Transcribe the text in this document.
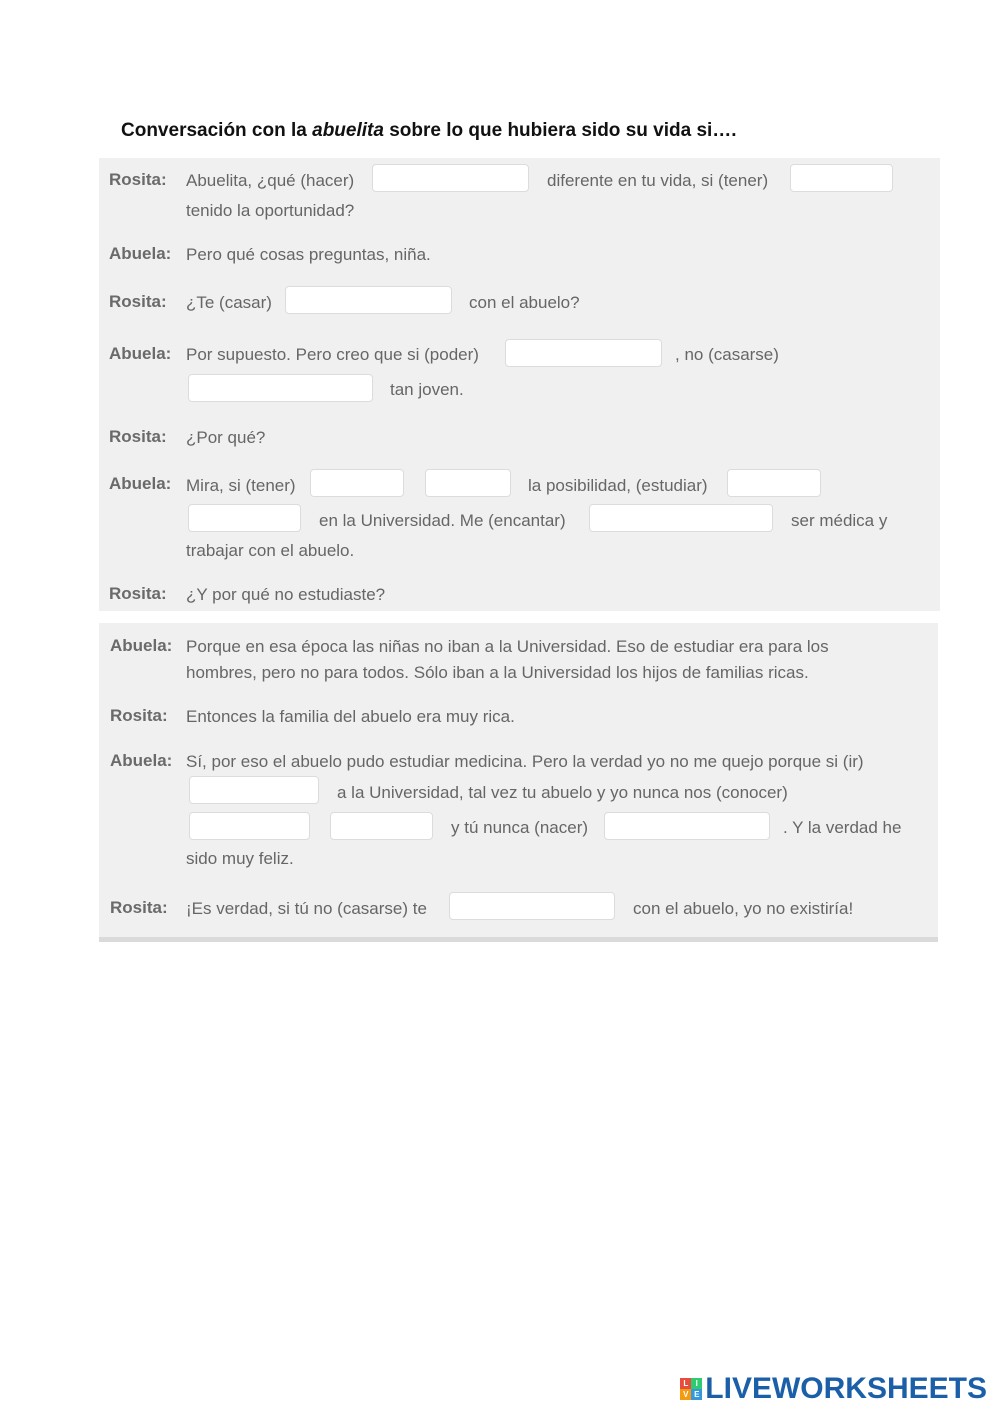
Conversación con la abuelita sobre lo que hubiera sido su vida si….
Rosita: Abuelita, ¿qué (hacer)	diferente en tu vida, si (tener)
tenido la oportunidad?
Abuela: Pero qué cosas preguntas, niña.
Rosita: ¿Te (casar)	con el abuelo?
Abuela: Por supuesto. Pero creo que si (poder)	, no (casarse)
tan joven.
Rosita: ¿Por qué?
Abuela: Mira, si (tener)	la posibilidad, (estudiar)
en la Universidad. Me (encantar)	ser médica y
trabajar con el abuelo.
Rosita: ¿Y por qué no estudiaste?
Abuela: Porque en esa época las niñas no iban a la Universidad. Eso de estudiar era para los
hombres, pero no para todos. Sólo iban a la Universidad los hijos de familias ricas.
Rosita: Entonces la familia del abuelo era muy rica.
Abuela: Sí, por eso el abuelo pudo estudiar medicina. Pero la verdad yo no me quejo porque si (ir)
a la Universidad, tal vez tu abuelo y yo nunca nos (conocer)
y tú nunca (nacer)	. Y la verdad he
sido muy feliz.
Rosita: ¡Es verdad, si tú no (casarse) te	con el abuelo, yo no existiría!
L I
V E LIVEWORKSHEETS
